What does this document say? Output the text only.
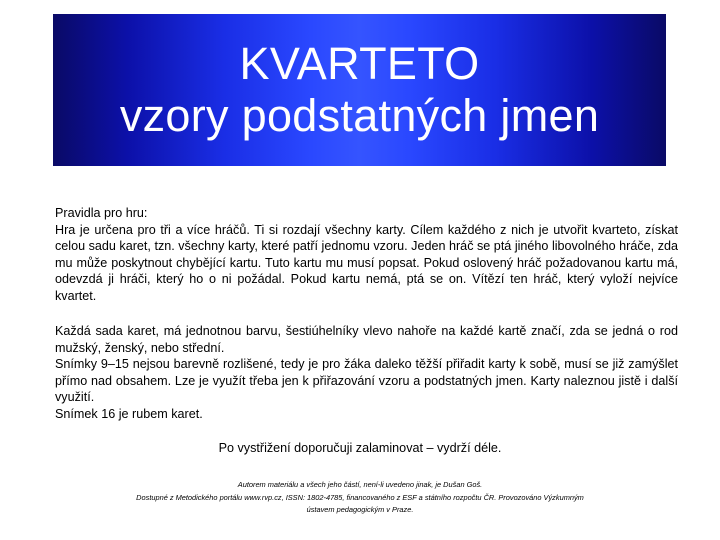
KVARTETO
vzory podstatných jmen
Pravidla pro hru:
Hra je určena pro tři a více hráčů. Ti si rozdají všechny karty. Cílem každého z nich je utvořit kvarteto, získat celou sadu karet, tzn. všechny karty, které patří jednomu vzoru. Jeden hráč se ptá jiného libovolného hráče, zda mu může poskytnout chybějící kartu. Tuto kartu mu musí popsat. Pokud oslovený hráč požadovanou kartu má, odevzdá ji hráči, který ho o ni požádal. Pokud kartu nemá, ptá se on. Vítězí ten hráč, který vyloží nejvíce kvartet.
Každá sada karet, má jednotnou barvu, šestiúhelníky vlevo nahoře na každé kartě značí, zda se jedná o rod mužský, ženský, nebo střední.
Snímky 9–15 nejsou barevně rozlišené, tedy je pro žáka daleko těžší přiřadit karty k sobě, musí se již zamýšlet přímo nad obsahem. Lze je využít třeba jen k přiřazování vzoru a podstatných jmen. Karty naleznou jistě i další využití.
Snímek 16 je rubem karet.
Po vystřižení doporučuji zalaminovat – vydrží déle.
Autorem materiálu a všech jeho částí, není-li uvedeno jinak, je Dušan Goš.
Dostupné z Metodického portálu www.rvp.cz, ISSN: 1802-4785, financovaného z ESF a státního rozpočtu ČR. Provozováno Výzkumným
ústavem pedagogickým v Praze.
